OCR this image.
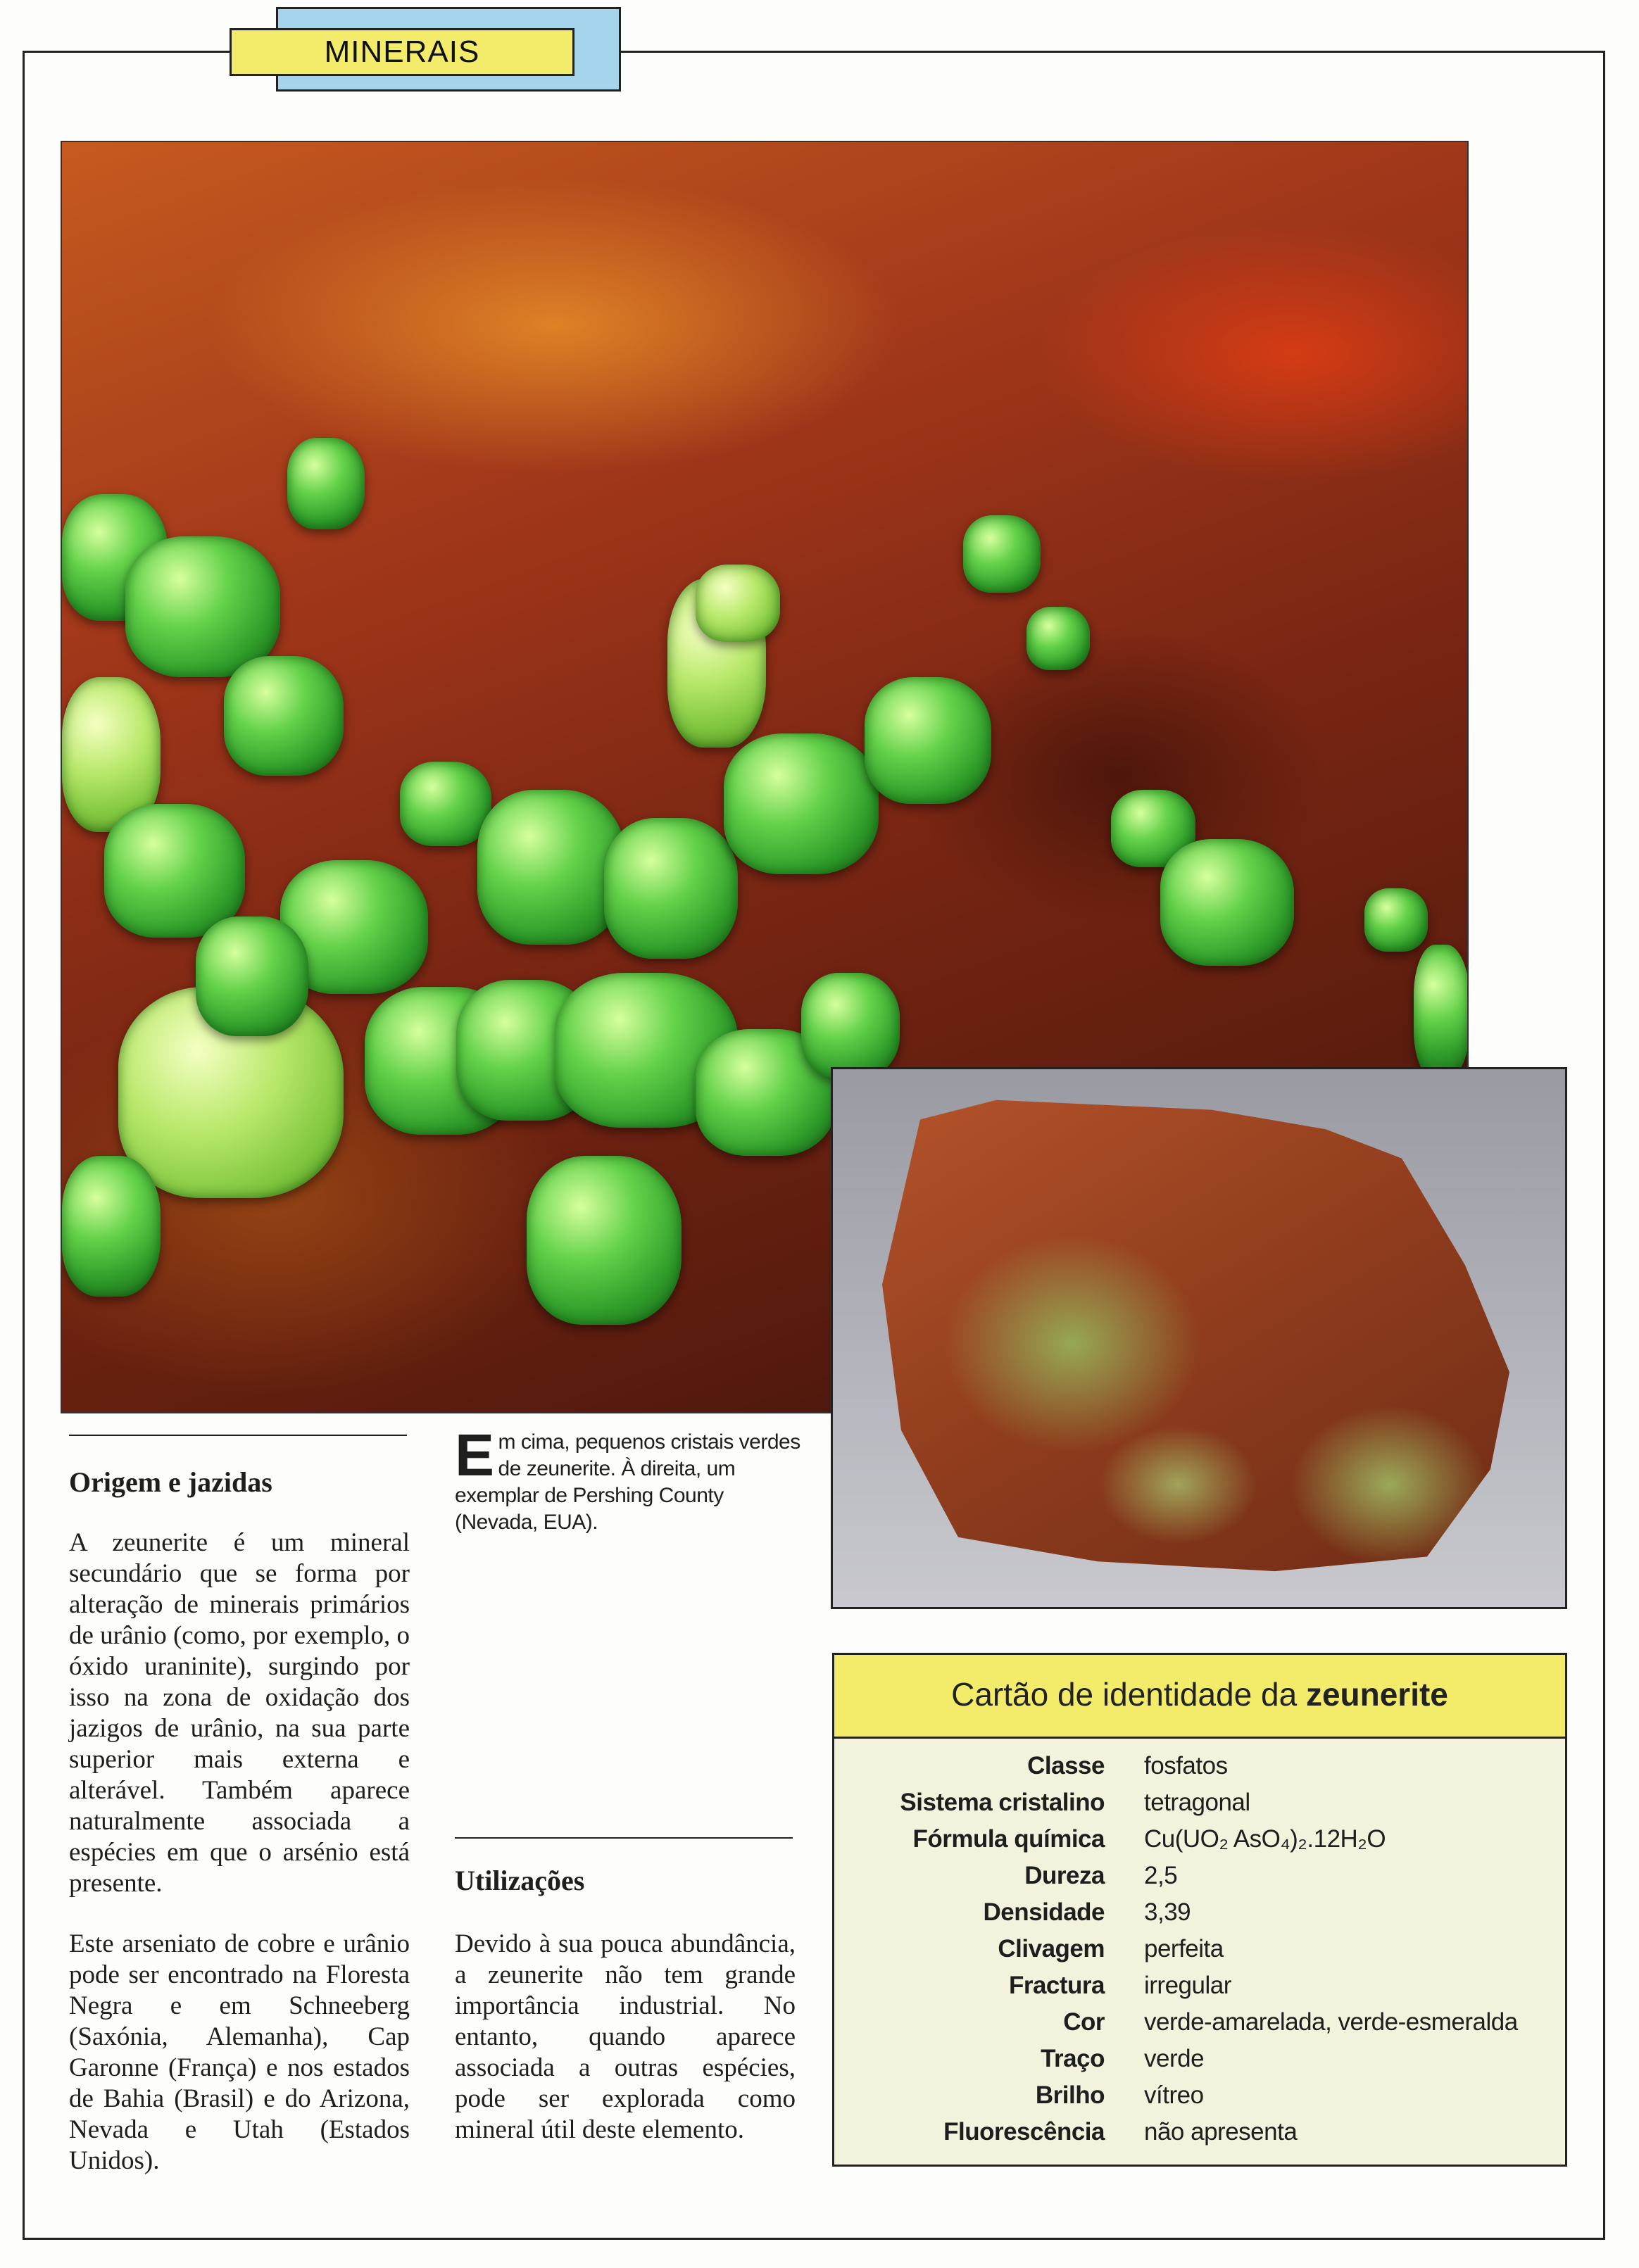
MINERAIS
E m cima, pequenos cristais verdes de zeunerite. À direita, um exemplar de Pershing County (Nevada, EUA).
Origem e jazidas

A zeunerite é um mineral secundário que se forma por alteração de minerais primários de urânio (como, por exemplo, o óxido uraninite), surgindo por isso na zona de oxidação dos jazigos de urânio, na sua parte superior mais externa e alterável. Também aparece naturalmente associada a espécies em que o arsénio está presente.

Este arseniato de cobre e urânio pode ser encontrado na Floresta Negra e em Schneeberg (Saxónia, Alemanha), Cap Garonne (França) e nos estados de Bahia (Brasil) e do Arizona, Nevada e Utah (Estados Unidos).

Utilizações

Devido à sua pouca abundância, a zeunerite não tem grande importância industrial. No entanto, quando aparece associada a outras espécies, pode ser explorada como mineral útil deste elemento.

Cartão de identidade da zeunerite
Classe	fosfatos
Sistema cristalino	tetragonal
Fórmula química	Cu(UO₂ AsO₄)₂.12H₂O
Dureza	2,5
Densidade	3,39
Clivagem	perfeita
Fractura	irregular
Cor	verde-amarelada, verde-esmeralda
Traço	verde
Brilho	vítreo
Fluorescência	não apresenta
